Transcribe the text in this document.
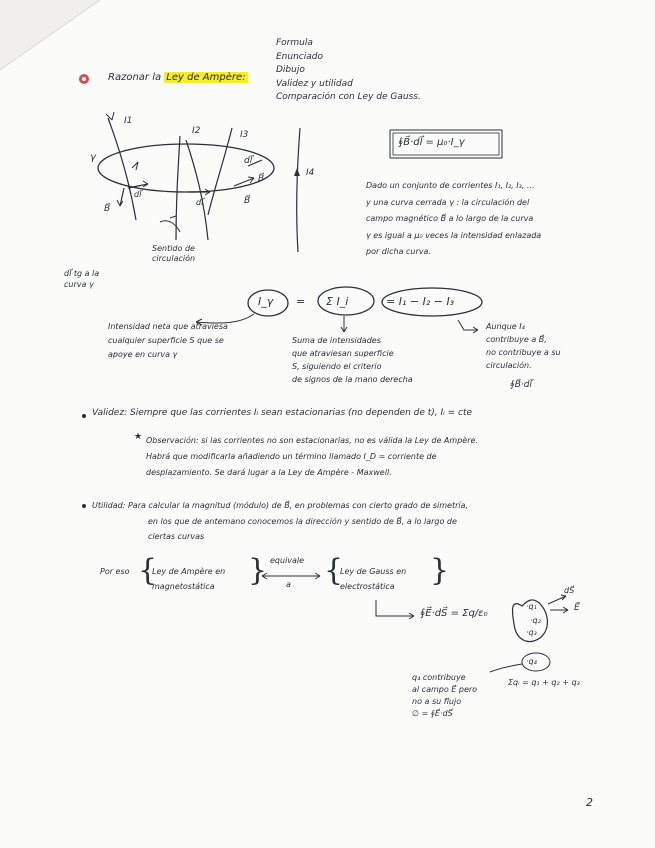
Formula
Enunciado
Dibujo
Validez y utilidad
Comparación con Ley de Gauss.
Razonar la Ley de Ampère:
I1
I2	I3
I4
γ	dl⃗
B⃗
B⃗
dl⃗
dl⃗	B⃗
Sentido de circulación
dl⃗ tg a la curva γ
∮B⃗·dl⃗ = μ₀·I_γ
Dado un conjunto de corrientes I₁, I₂, I₃, ...
y una curva cerrada γ : la circulación del
campo magnético B⃗ a lo largo de la curva
γ es igual a μ₀ veces la intensidad enlazada
por dicha curva.
I_γ = Σ I_i	= I₁ − I₂ − I₃
Intensidad neta que atraviesa
cualquier superficie S que se
apoye en curva γ
Suma de intensidades
que atraviesan superficie
S, siguiendo el criterio
de signos de la mano derecha
Aunque I₄
contribuye a B⃗,
no contribuye a su
circulación.
∮B⃗·dl⃗
Validez: Siempre que las corrientes Iᵢ sean estacionarias (no dependen de t), Iᵢ = cte
★ Observación: si las corrientes no son estacionarias, no es válida la Ley de Ampère.
Habrá que modificarla añadiendo un término llamado I_D = corriente de
desplazamiento. Se dará lugar a la Ley de Ampère - Maxwell.
Utilidad: Para calcular la magnitud (módulo) de B⃗, en problemas con cierto grado de simetría,
en los que de antemano conocemos la dirección y sentido de B⃗, a lo largo de
ciertas curvas
Por eso {
Ley de Ampère en
magnetostática	} equivale
a {
Ley de Gauss en
electrostática	}
∮E⃗·dS⃗ = Σq/ε₀
·q₁
·q₂
·q₃
dS⃗
E⃗
·q₄
q₄ contribuye
al campo E⃗ pero
no a su flujo
∅ = ∮E⃗·dS⃗
Σqᵢ = q₁ + q₂ + q₃
2
